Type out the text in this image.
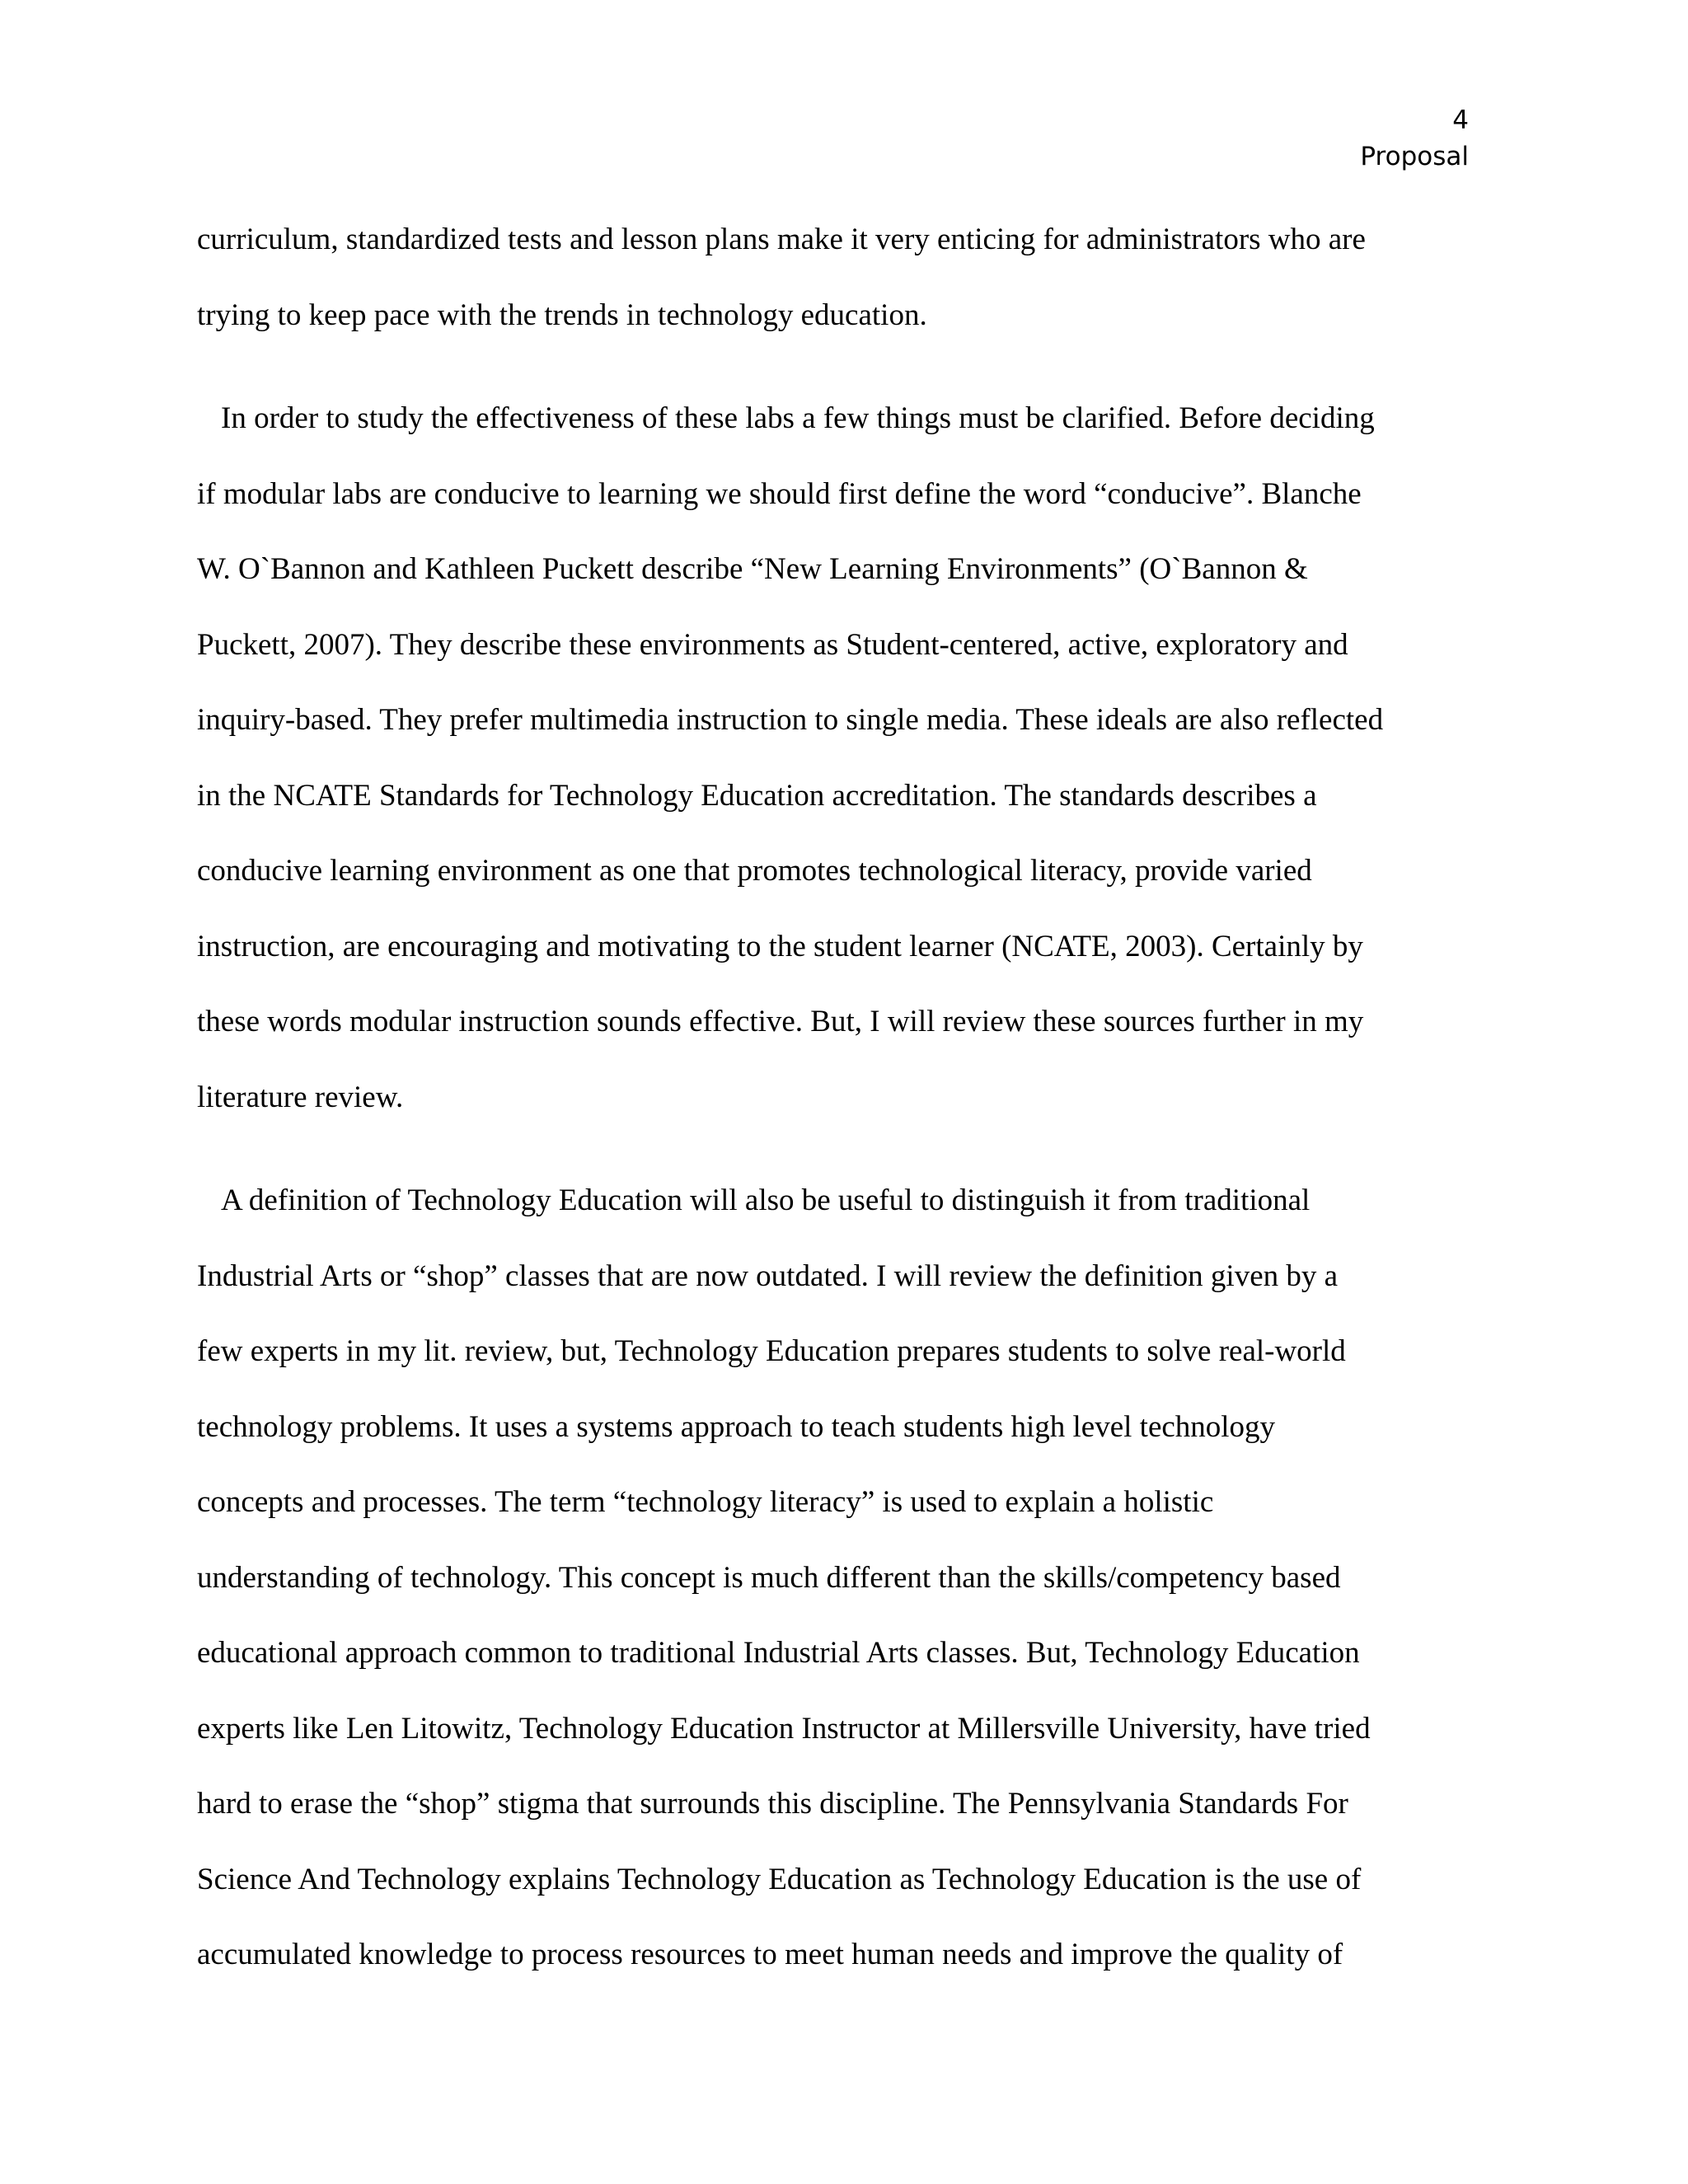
4
Proposal
curriculum, standardized tests and lesson plans make it very enticing for administrators who are
trying to keep pace with the trends in technology education.
In order to study the effectiveness of these labs a few things must be clarified. Before deciding
if modular labs are conducive to learning we should first define the word “conducive”. Blanche
W. O`Bannon and Kathleen Puckett describe “New Learning Environments” (O`Bannon &
Puckett, 2007). They describe these environments as Student-centered, active, exploratory and
inquiry-based. They prefer multimedia instruction to single media. These ideals are also reflected
in the NCATE Standards for Technology Education accreditation. The standards describes a
conducive learning environment as one that promotes technological literacy, provide varied
instruction, are encouraging and motivating to the student learner (NCATE, 2003). Certainly by
these words modular instruction sounds effective. But, I will review these sources further in my
literature review.
A definition of Technology Education will also be useful to distinguish it from traditional
Industrial Arts or “shop” classes that are now outdated. I will review the definition given by a
few experts in my lit. review, but, Technology Education prepares students to solve real-world
technology problems. It uses a systems approach to teach students high level technology
concepts and processes. The term “technology literacy” is used to explain a holistic
understanding of technology. This concept is much different than the skills/competency based
educational approach common to traditional Industrial Arts classes. But, Technology Education
experts like Len Litowitz, Technology Education Instructor at Millersville University, have tried
hard to erase the “shop” stigma that surrounds this discipline. The Pennsylvania Standards For
Science And Technology explains Technology Education as Technology Education is the use of
accumulated knowledge to process resources to meet human needs and improve the quality of
